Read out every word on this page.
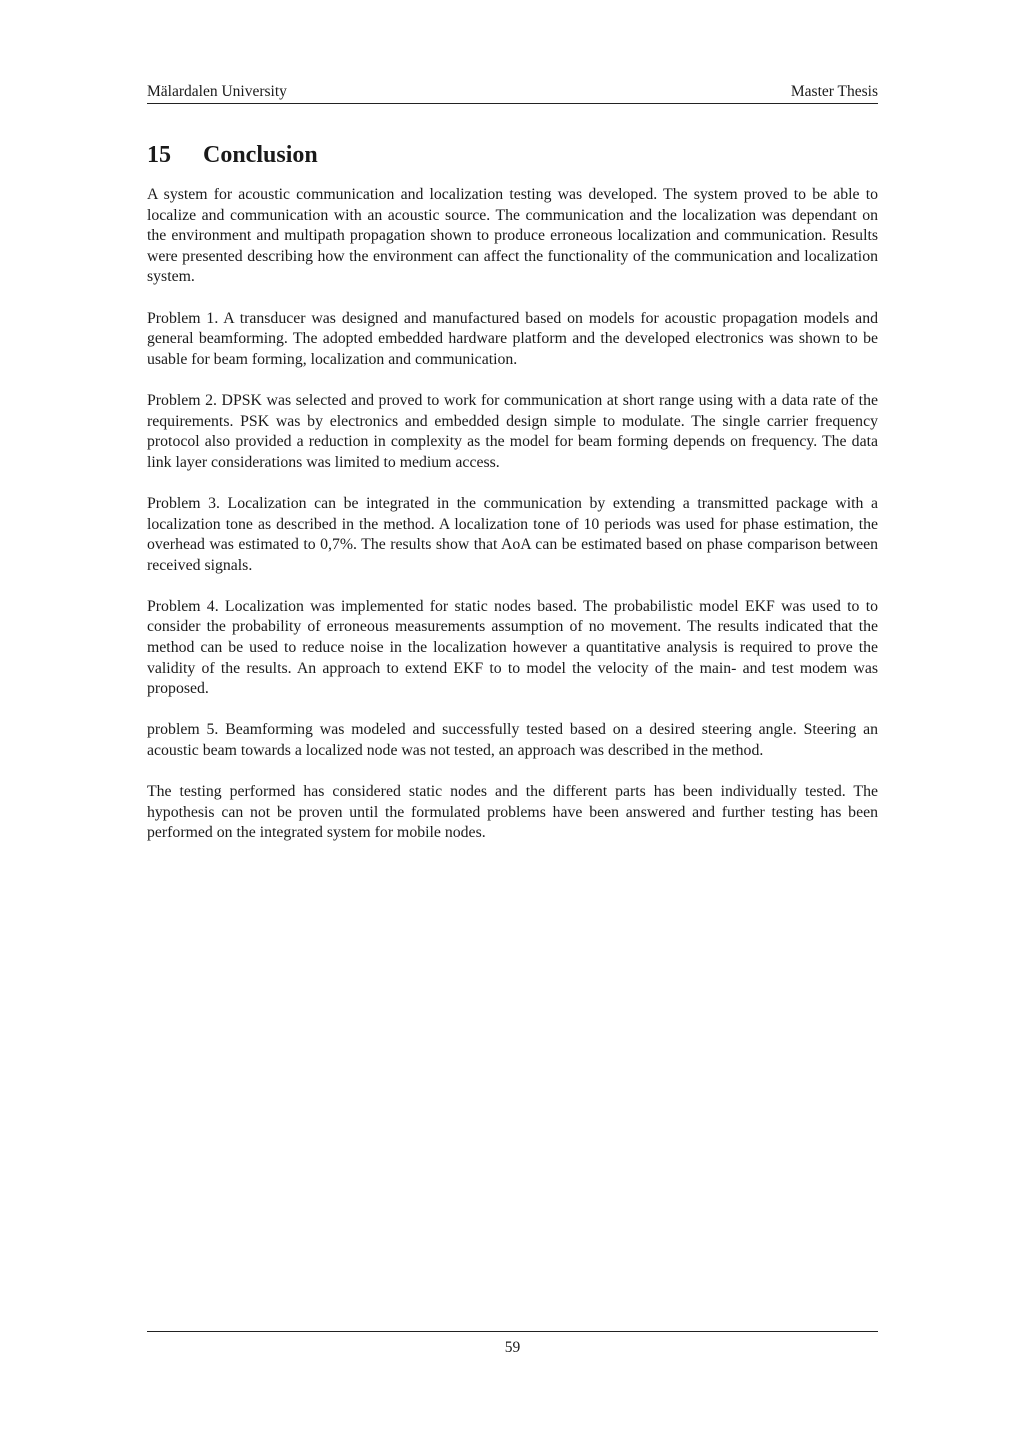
Mälardalen University	Master Thesis
15 Conclusion

A system for acoustic communication and localization testing was developed. The system proved to be able to localize and communication with an acoustic source. The communication and the localization was dependant on the environment and multipath propagation shown to produce erroneous localization and communication. Results were presented describing how the environment can affect the functionality of the communication and localization system.

Problem 1. A transducer was designed and manufactured based on models for acoustic propagation models and general beamforming. The adopted embedded hardware platform and the developed electronics was shown to be usable for beam forming, localization and communication.

Problem 2. DPSK was selected and proved to work for communication at short range using with a data rate of the requirements. PSK was by electronics and embedded design simple to modulate. The single carrier frequency protocol also provided a reduction in complexity as the model for beam forming depends on frequency. The data link layer considerations was limited to medium access.

Problem 3. Localization can be integrated in the communication by extending a transmitted package with a localization tone as described in the method. A localization tone of 10 periods was used for phase estimation, the overhead was estimated to 0,7%. The results show that AoA can be estimated based on phase comparison between received signals.

Problem 4. Localization was implemented for static nodes based. The probabilistic model EKF was used to to consider the probability of erroneous measurements assumption of no movement. The results indicated that the method can be used to reduce noise in the localization however a quantitative analysis is required to prove the validity of the results. An approach to extend EKF to to model the velocity of the main- and test modem was proposed.

problem 5. Beamforming was modeled and successfully tested based on a desired steering angle. Steering an acoustic beam towards a localized node was not tested, an approach was described in the method.

The testing performed has considered static nodes and the different parts has been individually tested. The hypothesis can not be proven until the formulated problems have been answered and further testing has been performed on the integrated system for mobile nodes.

59
